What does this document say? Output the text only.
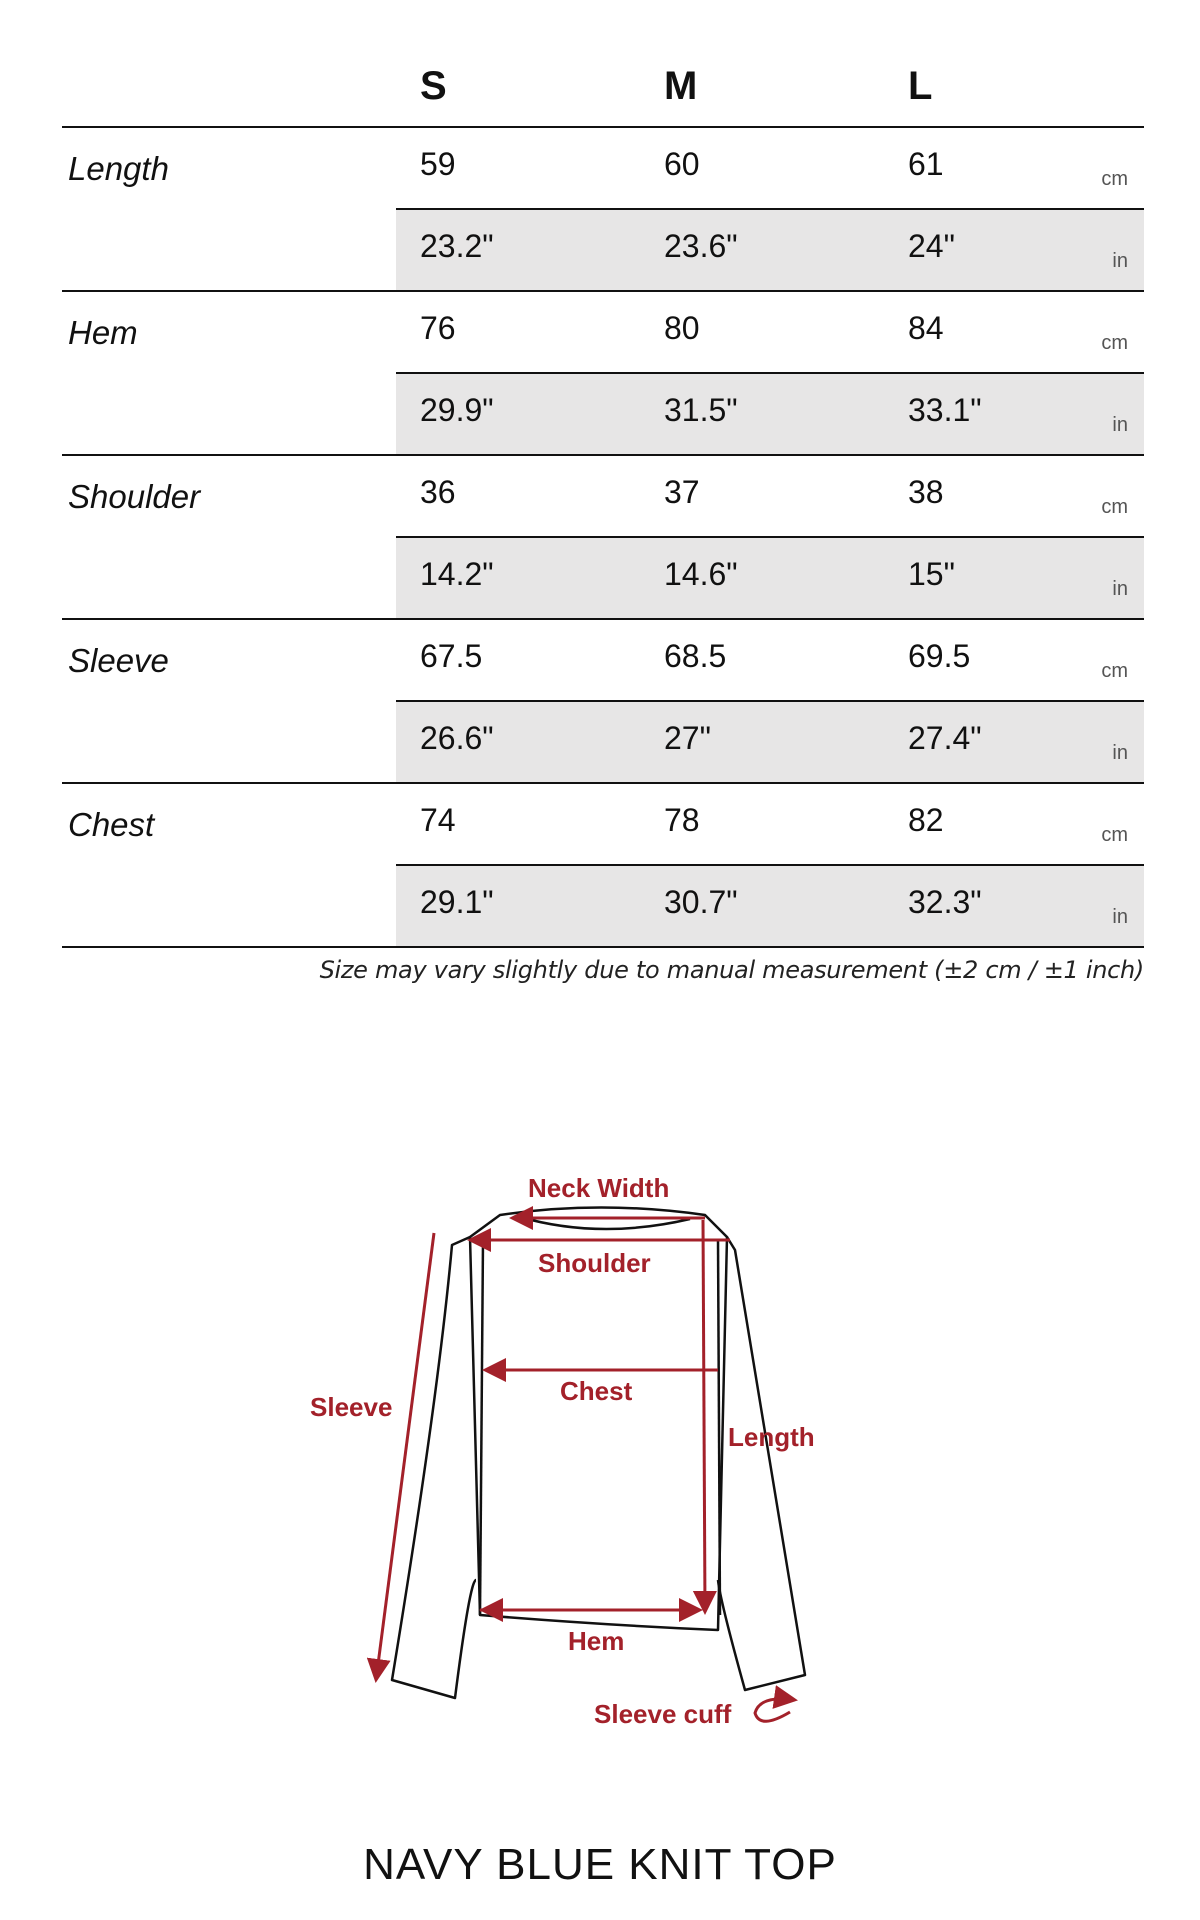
S	M	L
Length	59	60	61	cm
23.2"	23.6"	24"	in
Hem	76	80	84	cm
29.9"	31.5"	33.1"	in
Shoulder	36	37	38	cm
14.2"	14.6"	15"	in
Sleeve	67.5	68.5	69.5	cm
26.6"	27"	27.4"	in
Chest	74	78	82	cm
29.1"	30.7"	32.3"	in
Size may vary slightly due to manual measurement (±2 cm / ±1 inch)
Neck Width
Shoulder
Chest
Sleeve
Length
Hem
Sleeve cuff
NAVY BLUE KNIT TOP
